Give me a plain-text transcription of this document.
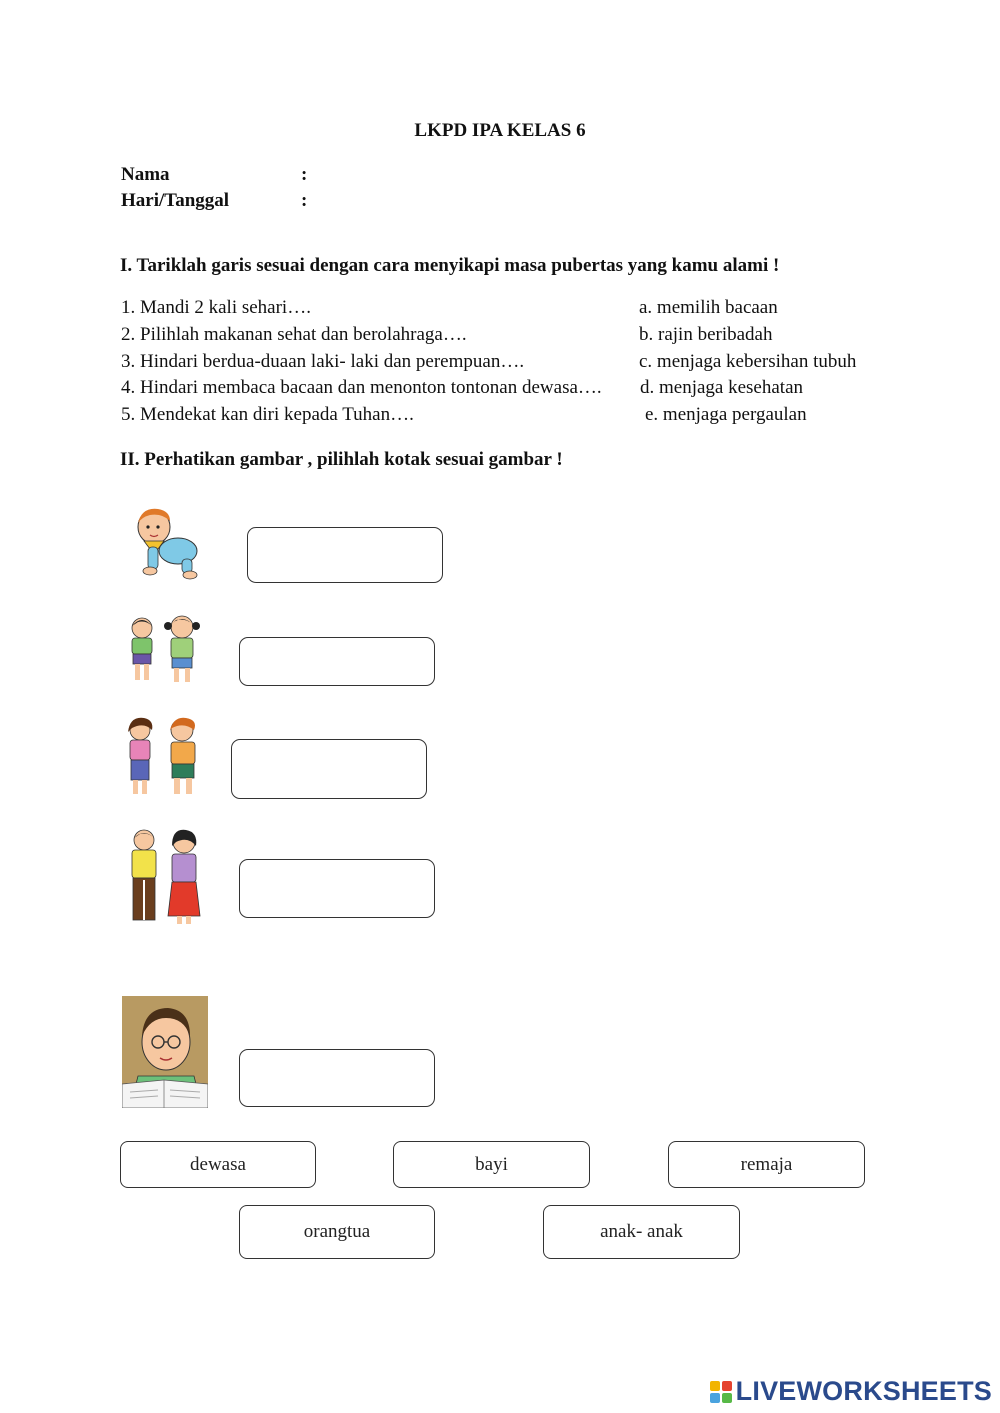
LKPD IPA KELAS 6
Nama	:
Hari/Tanggal	:
I. Tariklah garis sesuai dengan cara menyikapi masa pubertas yang kamu alami !
1. Mandi 2 kali sehari….
2. Pilihlah makanan sehat dan berolahraga….
3. Hindari berdua-duaan laki- laki dan perempuan….
4. Hindari membaca bacaan dan menonton tontonan dewasa….
5. Mendekat kan diri kepada Tuhan….
a. memilih bacaan
b. rajin beribadah
c. menjaga kebersihan tubuh
d. menjaga kesehatan
e. menjaga pergaulan
II. Perhatikan gambar , pilihlah kotak sesuai gambar !
dewasa	bayi	remaja
orangtua	anak- anak
LIVEWORKSHEETS
